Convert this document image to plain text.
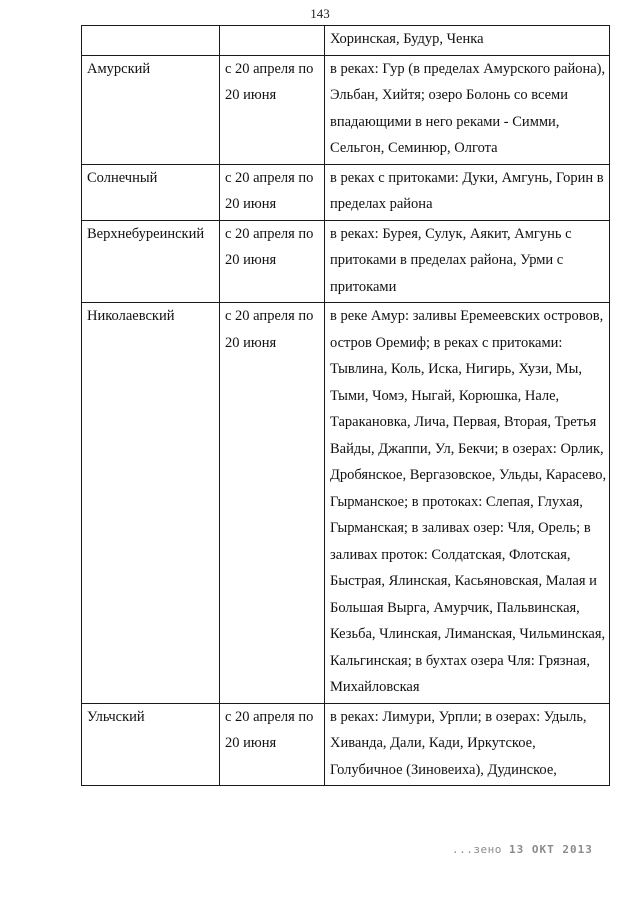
143
		Хоринская, Будур, Ченка
Амурский	с 20 апреля по 20 июня	в реках: Гур (в пределах Амурского района), Эльбан, Хийтя; озеро Болонь со всеми впадающими в него реками - Симми, Сельгон, Семинюр, Олгота
Солнечный	с 20 апреля по 20 июня	в реках с притоками: Дуки, Амгунь, Горин в пределах района
Верхнебуреинский	с 20 апреля по 20 июня	в реках: Бурея, Сулук, Аякит, Амгунь с притоками в пределах района, Урми с притоками
Николаевский	с 20 апреля по 20 июня	в реке Амур: заливы Еремеевских островов, остров Оремиф; в реках с притоками: Тывлина, Коль, Иска, Нигирь, Хузи, Мы, Тыми, Чомэ, Ныгай, Корюшка, Нале, Таракановка, Лича, Первая, Вторая, Третья Вайды, Джаппи, Ул, Бекчи; в озерах: Орлик, Дробянское, Вергазовское, Ульды, Карасево, Гырманское; в протоках: Слепая, Глухая, Гырманская; в заливах озер: Чля, Орель; в заливах проток: Солдатская, Флотская, Быстрая, Ялинская, Касьяновская, Малая и Большая Вырга, Амурчик, Пальвинская, Кезьба, Члинская, Лиманская, Чильминская, Кальгинская; в бухтах озера Чля: Грязная, Михайловская
Ульчский	с 20 апреля по 20 июня	в реках: Лимури, Урпли; в озерах: Удыль, Хиванда, Дали, Кади, Иркутское, Голубичное (Зиновеиха), Дудинское,
...зено 13 ОКТ 2013
